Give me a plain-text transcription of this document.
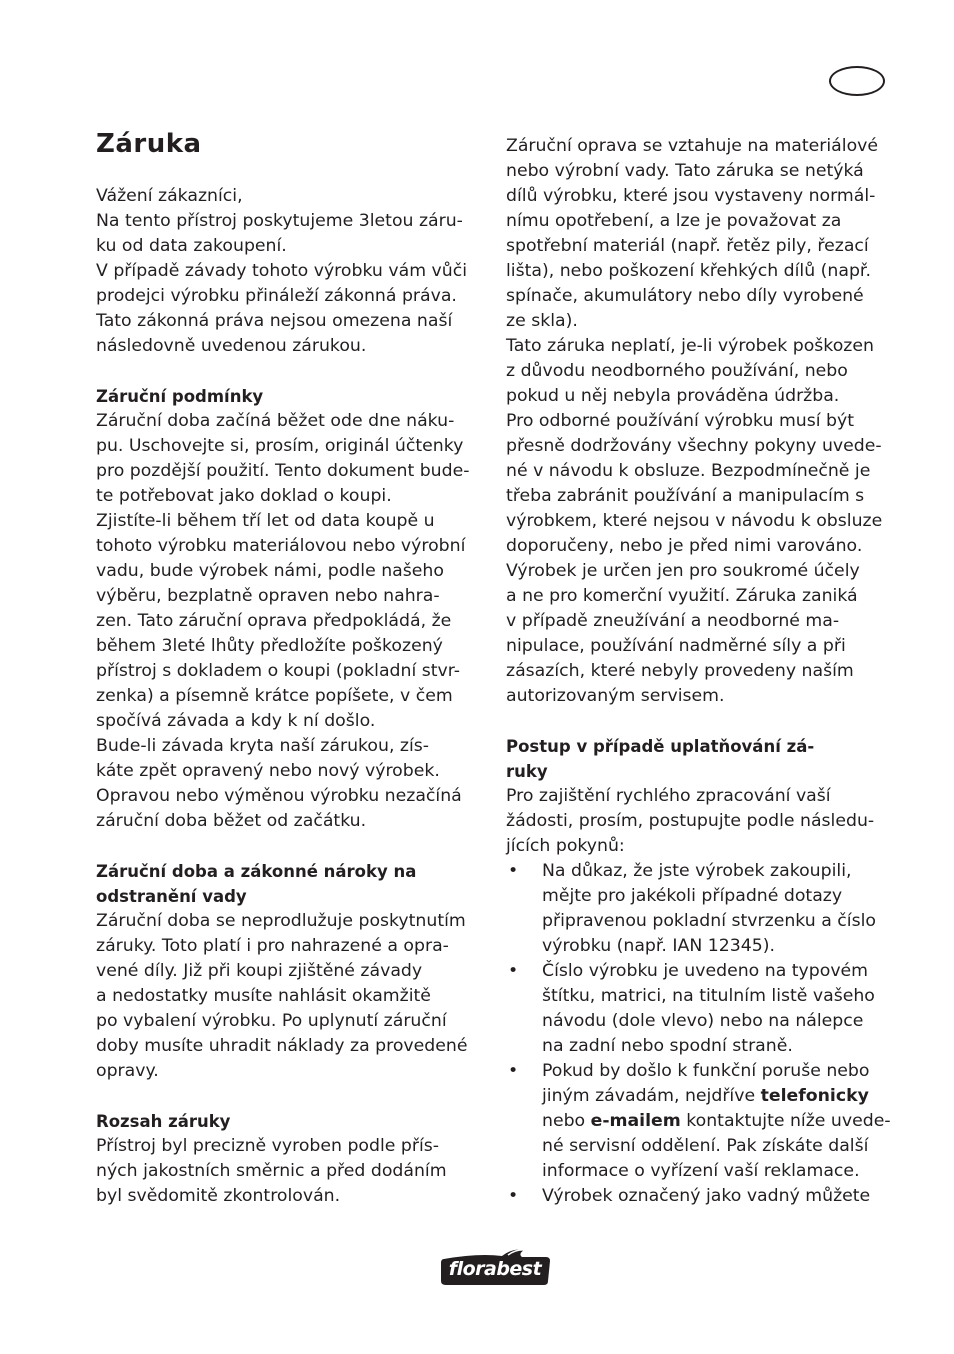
Záruka
Vážení zákazníci,
Na tento přístroj poskytujeme 3letou záru-
ku od data zakoupení.
V případě závady tohoto výrobku vám vůči
prodejci výrobku přináleží zákonná práva.
Tato zákonná práva nejsou omezena naší
následovně uvedenou zárukou.
Záruční podmínky
Záruční doba začíná běžet ode dne náku-
pu. Uschovejte si, prosím, originál účtenky
pro pozdější použití. Tento dokument bude-
te potřebovat jako doklad o koupi.
Zjistíte-li během tří let od data koupě u
tohoto výrobku materiálovou nebo výrobní
vadu, bude výrobek námi, podle našeho
výběru, bezplatně opraven nebo nahra-
zen. Tato záruční oprava předpokládá, že
během 3leté lhůty předložíte poškozený
přístroj s dokladem o koupi (pokladní stvr-
zenka) a písemně krátce popíšete, v čem
spočívá závada a kdy k ní došlo.
Bude-li závada kryta naší zárukou, zís-
káte zpět opravený nebo nový výrobek.
Opravou nebo výměnou výrobku nezačíná
záruční doba běžet od začátku.
Záruční doba a zákonné nároky na
odstranění vady
Záruční doba se neprodlužuje poskytnutím
záruky. Toto platí i pro nahrazené a opra-
vené díly. Již při koupi zjištěné závady
a nedostatky musíte nahlásit okamžitě
po vybalení výrobku. Po uplynutí záruční
doby musíte uhradit náklady za provedené
opravy.
Rozsah záruky
Přístroj byl precizně vyroben podle přís-
ných jakostních směrnic a před dodáním
byl svědomitě zkontrolován.
Záruční oprava se vztahuje na materiálové
nebo výrobní vady. Tato záruka se netýká
dílů výrobku, které jsou vystaveny normál-
nímu opotřebení, a lze je považovat za
spotřební materiál (např. řetěz pily, řezací
lišta), nebo poškození křehkých dílů (např.
spínače, akumulátory nebo díly vyrobené
ze skla).
Tato záruka neplatí, je-li výrobek poškozen
z důvodu neodborného používání, nebo
pokud u něj nebyla prováděna údržba.
Pro odborné používání výrobku musí být
přesně dodržovány všechny pokyny uvede-
né v návodu k obsluze. Bezpodmínečně je
třeba zabránit používání a manipulacím s
výrobkem, které nejsou v návodu k obsluze
doporučeny, nebo je před nimi varováno.
Výrobek je určen jen pro soukromé účely
a ne pro komerční využití. Záruka zaniká
v případě zneužívání a neodborné ma-
nipulace, používání nadměrné síly a při
zásazích, které nebyly provedeny naším
autorizovaným servisem.
Postup v případě uplatňování zá-
ruky
Pro zajištění rychlého zpracování vaší
žádosti, prosím, postupujte podle následu-
jících pokynů:
• Na důkaz, že jste výrobek zakoupili,
mějte pro jakékoli případné dotazy
připravenou pokladní stvrzenku a číslo
výrobku (např. IAN 12345).
• Číslo výrobku je uvedeno na typovém
štítku, matrici, na titulním listě vašeho
návodu (dole vlevo) nebo na nálepce
na zadní nebo spodní straně.
• Pokud by došlo k funkční poruše nebo
jiným závadám, nejdříve telefonicky
nebo e-mailem kontaktujte níže uvede-
né servisní oddělení. Pak získáte další
informace o vyřízení vaší reklamace.
• Výrobek označený jako vadný můžete
florabest
